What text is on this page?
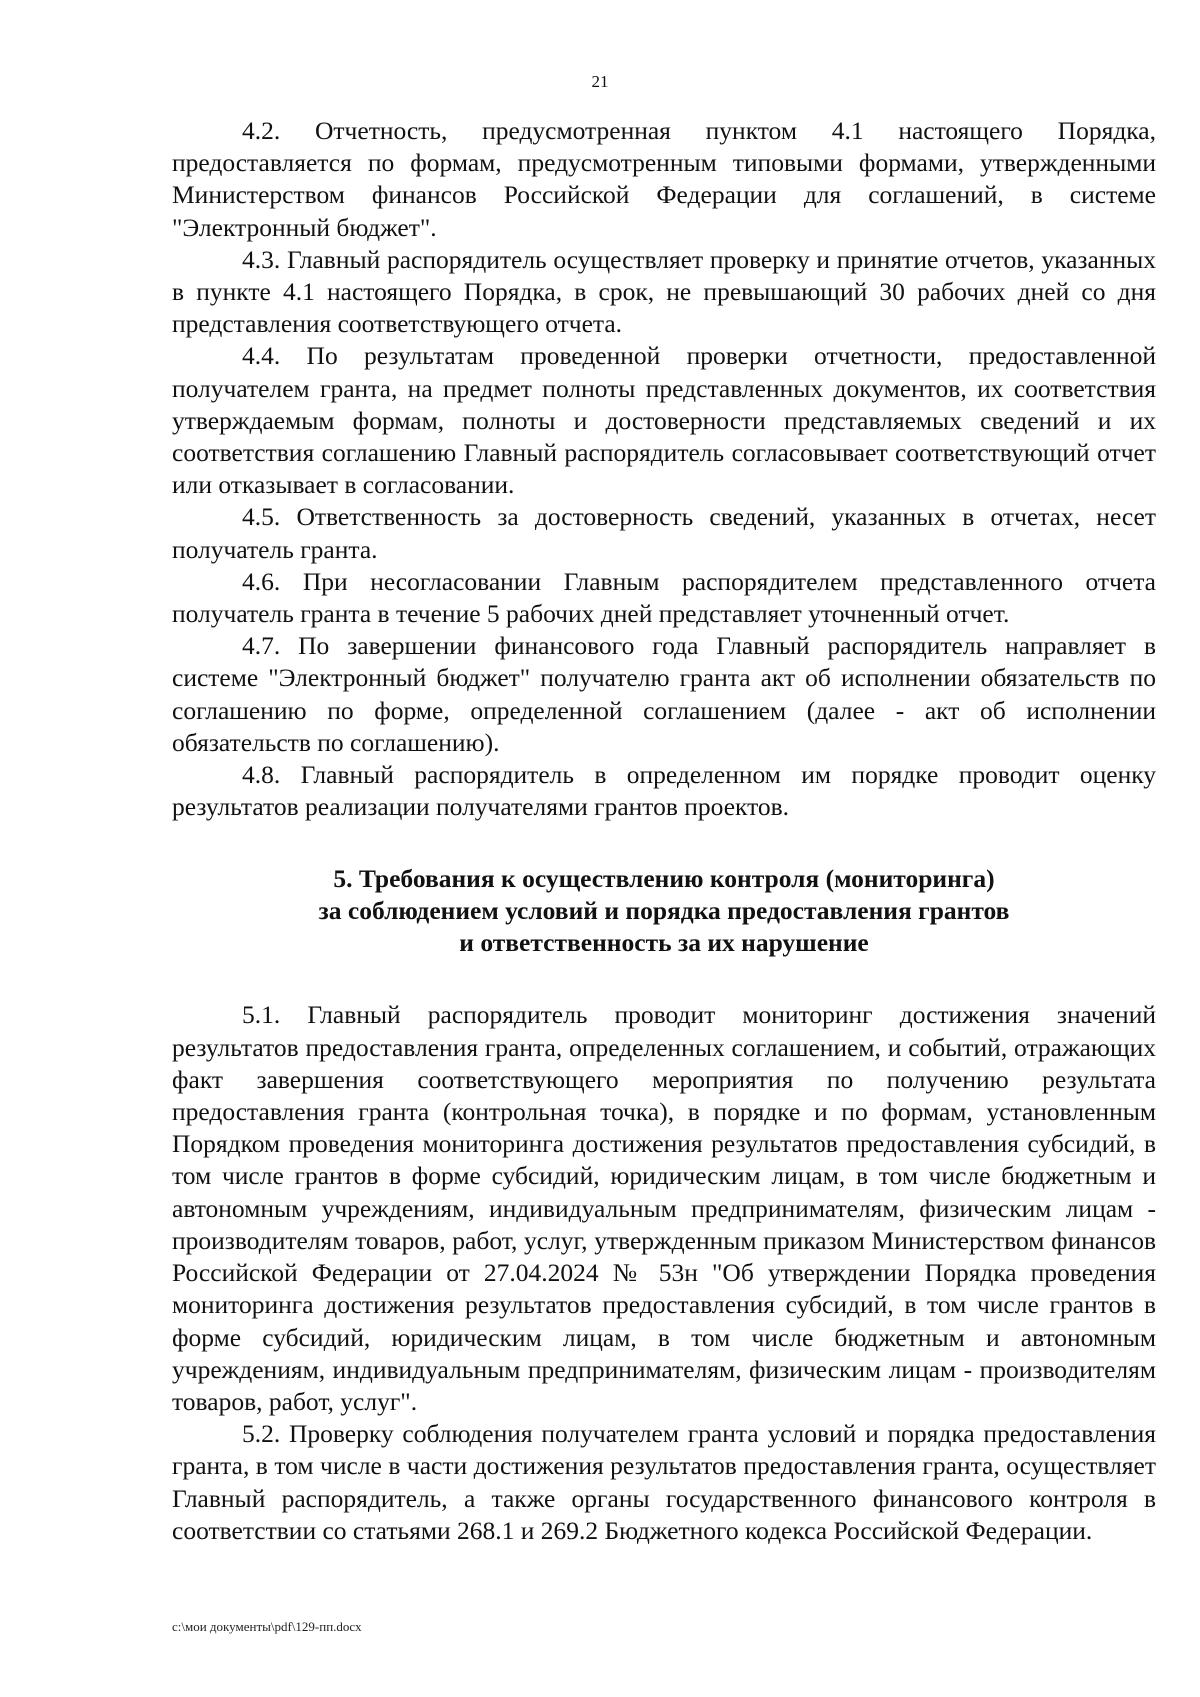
21

4.2. Отчетность, предусмотренная пунктом 4.1 настоящего Порядка, предоставляется по формам, предусмотренным типовыми формами, утвержденными Министерством финансов Российской Федерации для соглашений, в системе "Электронный бюджет".

4.3. Главный распорядитель осуществляет проверку и принятие отчетов, указанных в пункте 4.1 настоящего Порядка, в срок, не превышающий 30 рабочих дней со дня представления соответствующего отчета.

4.4. По результатам проведенной проверки отчетности, предоставленной получателем гранта, на предмет полноты представленных документов, их соответствия утверждаемым формам, полноты и достоверности представляемых сведений и их соответствия соглашению Главный распорядитель согласовывает соответствующий отчет или отказывает в согласовании.

4.5. Ответственность за достоверность сведений, указанных в отчетах, несет получатель гранта.

4.6. При несогласовании Главным распорядителем представленного отчета получатель гранта в течение 5 рабочих дней представляет уточненный отчет.

4.7. По завершении финансового года Главный распорядитель направляет в системе "Электронный бюджет" получателю гранта акт об исполнении обязательств по соглашению по форме, определенной соглашением (далее - акт об исполнении обязательств по соглашению).

4.8. Главный распорядитель в определенном им порядке проводит оценку результатов реализации получателями грантов проектов.

5. Требования к осуществлению контроля (мониторинга)
за соблюдением условий и порядка предоставления грантов
и ответственность за их нарушение

5.1. Главный распорядитель проводит мониторинг достижения значений результатов предоставления гранта, определенных соглашением, и событий, отражающих факт завершения соответствующего мероприятия по получению результата предоставления гранта (контрольная точка), в порядке и по формам, установленным Порядком проведения мониторинга достижения результатов предоставления субсидий, в том числе грантов в форме субсидий, юридическим лицам, в том числе бюджетным и автономным учреждениям, индивидуальным предпринимателям, физическим лицам - производителям товаров, работ, услуг, утвержденным приказом Министерством финансов Российской Федерации от 27.04.2024 № 53н "Об утверждении Порядка проведения мониторинга достижения результатов предоставления субсидий, в том числе грантов в форме субсидий, юридическим лицам, в том числе бюджетным и автономным учреждениям, индивидуальным предпринимателям, физическим лицам - производителям товаров, работ, услуг".

5.2. Проверку соблюдения получателем гранта условий и порядка предоставления гранта, в том числе в части достижения результатов предоставления гранта, осуществляет Главный распорядитель, а также органы государственного финансового контроля в соответствии со статьями 268.1 и 269.2 Бюджетного кодекса Российской Федерации.

c:\мои документы\pdf\129-пп.docx
